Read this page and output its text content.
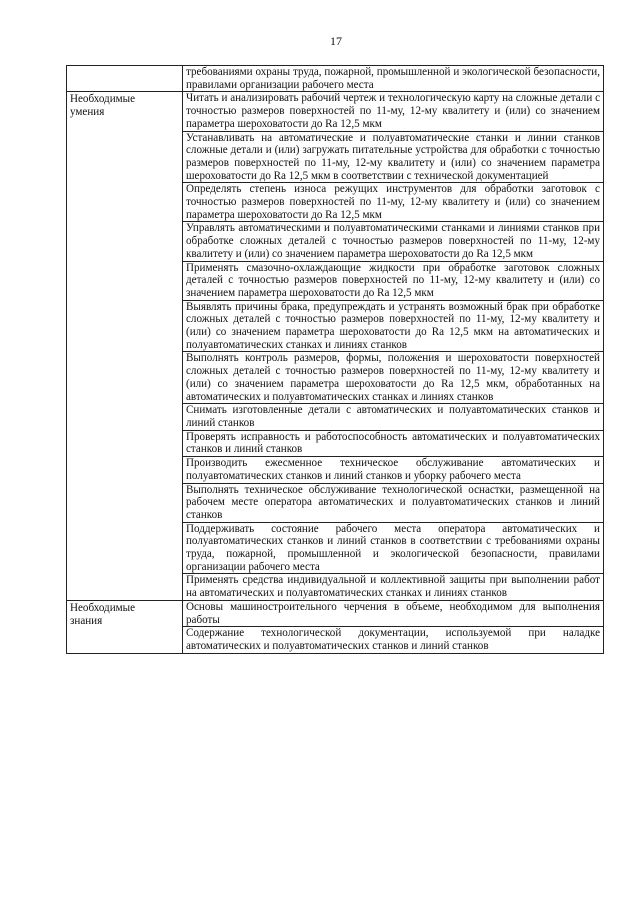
17
	требованиями охраны труда, пожарной, промышленной и экологической безопасности, правилами организации рабочего места

Необходимые умения	Читать и анализировать рабочий чертеж и технологическую карту на сложные детали с точностью размеров поверхностей по 11-му, 12-му квалитету и (или) со значением параметра шероховатости до Ra 12,5 мкм
	Устанавливать на автоматические и полуавтоматические станки и линии станков сложные детали и (или) загружать питательные устройства для обработки с точностью размеров поверхностей по 11-му, 12-му квалитету и (или) со значением параметра шероховатости до Ra 12,5 мкм в соответствии с технической документацией
	Определять степень износа режущих инструментов для обработки заготовок с точностью размеров поверхностей по 11-му, 12-му квалитету и (или) со значением параметра шероховатости до Ra 12,5 мкм
	Управлять автоматическими и полуавтоматическими станками и линиями станков при обработке сложных деталей с точностью размеров поверхностей по 11-му, 12-му квалитету и (или) со значением параметра шероховатости до Ra 12,5 мкм
	Применять смазочно-охлаждающие жидкости при обработке заготовок сложных деталей с точностью размеров поверхностей по 11-му, 12-му квалитету и (или) со значением параметра шероховатости до Ra 12,5 мкм
	Выявлять причины брака, предупреждать и устранять возможный брак при обработке сложных деталей с точностью размеров поверхностей по 11-му, 12-му квалитету и (или) со значением параметра шероховатости до Ra 12,5 мкм на автоматических и полуавтоматических станках и линиях станков
	Выполнять контроль размеров, формы, положения и шероховатости поверхностей сложных деталей с точностью размеров поверхностей по 11-му, 12-му квалитету и (или) со значением параметра шероховатости до Ra 12,5 мкм, обработанных на автоматических и полуавтоматических станках и линиях станков
	Снимать изготовленные детали с автоматических и полуавтоматических станков и линий станков
	Проверять исправность и работоспособность автоматических и полуавтоматических станков и линий станков
	Производить ежесменное техническое обслуживание автоматических и полуавтоматических станков и линий станков и уборку рабочего места
	Выполнять техническое обслуживание технологической оснастки, размещенной на рабочем месте оператора автоматических и полуавтоматических станков и линий станков
	Поддерживать состояние рабочего места оператора автоматических и полуавтоматических станков и линий станков в соответствии с требованиями охраны труда, пожарной, промышленной и экологической безопасности, правилами организации рабочего места
	Применять средства индивидуальной и коллективной защиты при выполнении работ на автоматических и полуавтоматических станках и линиях станков

Необходимые знания	Основы машиностроительного черчения в объеме, необходимом для выполнения работы
	Содержание технологической документации, используемой при наладке автоматических и полуавтоматических станков и линий станков
